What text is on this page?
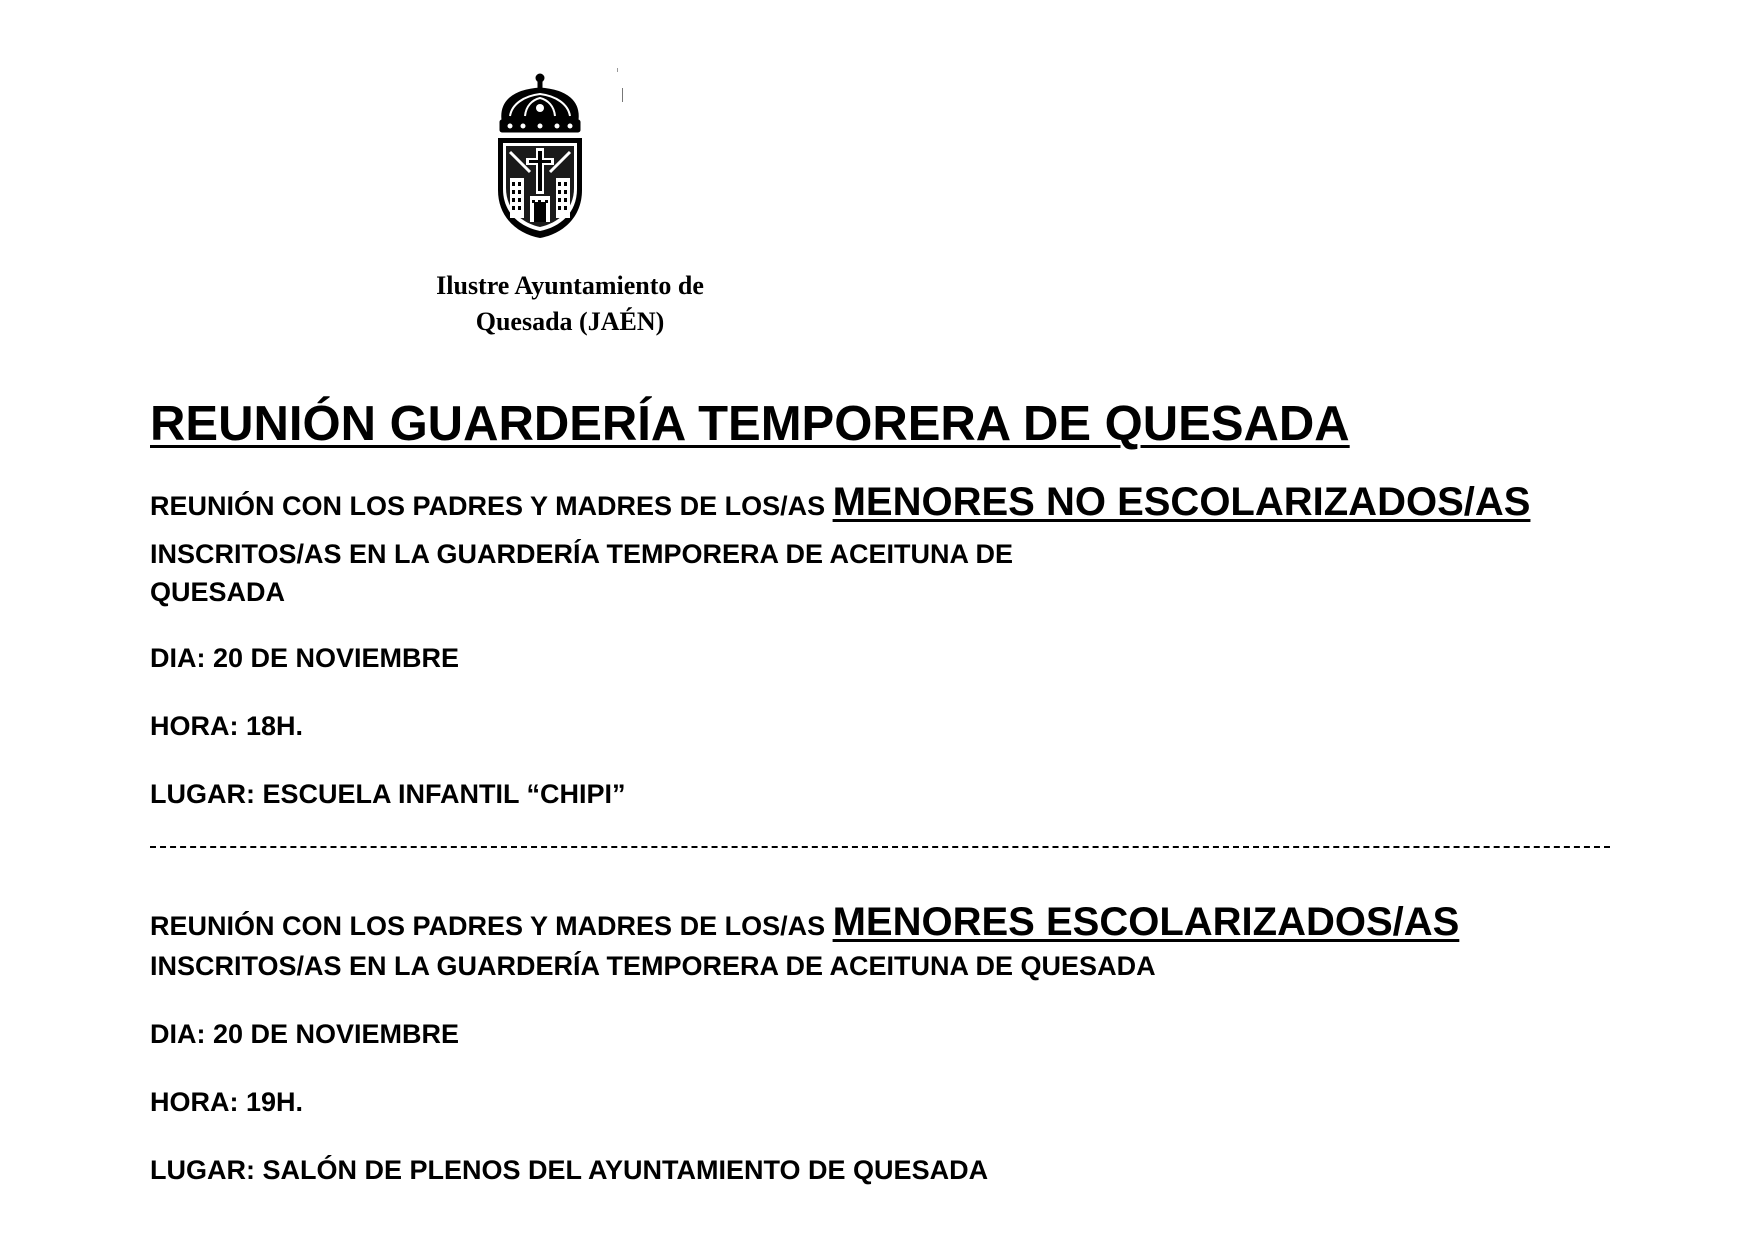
Ilustre Ayuntamiento de
Quesada (JAÉN)
REUNIÓN GUARDERÍA TEMPORERA DE QUESADA

REUNIÓN CON LOS PADRES Y MADRES DE LOS/AS MENORES NO ESCOLARIZADOS/AS INSCRITOS/AS EN LA GUARDERÍA TEMPORERA DE ACEITUNA DE

QUESADA
DIA: 20 DE NOVIEMBRE
HORA: 18H.
LUGAR: ESCUELA INFANTIL “CHIPI”

REUNIÓN CON LOS PADRES Y MADRES DE LOS/AS MENORES ESCOLARIZADOS/AS

INSCRITOS/AS EN LA GUARDERÍA TEMPORERA DE ACEITUNA DE QUESADA
DIA: 20 DE NOVIEMBRE
HORA: 19H.
LUGAR: SALÓN DE PLENOS DEL AYUNTAMIENTO DE QUESADA
